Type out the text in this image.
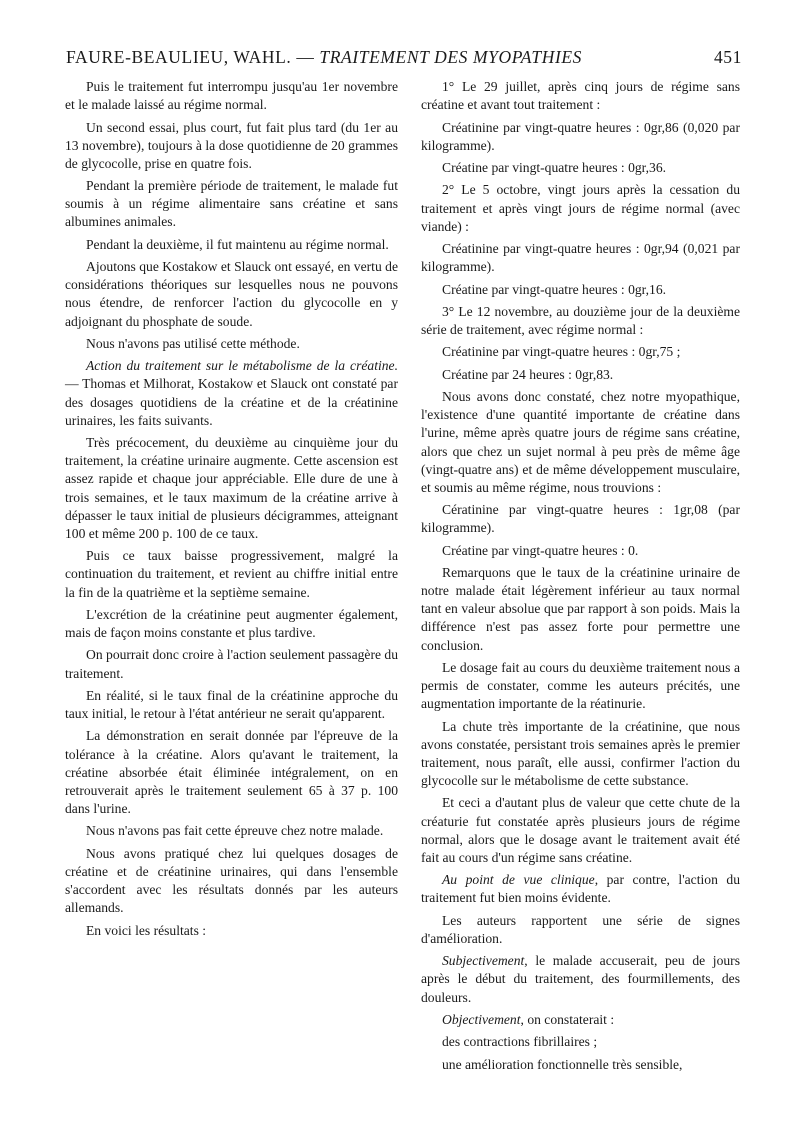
FAURE-BEAULIEU, WAHL. — TRAITEMENT DES MYOPATHIES	451

Puis le traitement fut interrompu jusqu'au 1er novembre et le malade laissé au régime normal.

Un second essai, plus court, fut fait plus tard (du 1er au 13 novembre), toujours à la dose quotidienne de 20 grammes de glycocolle, prise en quatre fois.

Pendant la première période de traitement, le malade fut soumis à un régime alimentaire sans créatine et sans albumines animales.

Pendant la deuxième, il fut maintenu au régime normal.

Ajoutons que Kostakow et Slauck ont essayé, en vertu de considérations théoriques sur lesquelles nous ne pouvons nous étendre, de renforcer l'action du glycocolle en y adjoignant du phosphate de soude.

Nous n'avons pas utilisé cette méthode.

Action du traitement sur le métabolisme de la créatine. — Thomas et Milhorat, Kostakow et Slauck ont constaté par des dosages quotidiens de la créatine et de la créatinine urinaires, les faits suivants.

Très précocement, du deuxième au cinquième jour du traitement, la créatine urinaire augmente. Cette ascension est assez rapide et chaque jour appréciable. Elle dure de une à trois semaines, et le taux maximum de la créatine arrive à dépasser le taux initial de plusieurs décigrammes, atteignant 100 et même 200 p. 100 de ce taux.

Puis ce taux baisse progressivement, malgré la continuation du traitement, et revient au chiffre initial entre la fin de la quatrième et la septième semaine.

L'excrétion de la créatinine peut augmenter également, mais de façon moins constante et plus tardive.

On pourrait donc croire à l'action seulement passagère du traitement.

En réalité, si le taux final de la créatinine approche du taux initial, le retour à l'état antérieur ne serait qu'apparent.

La démonstration en serait donnée par l'épreuve de la tolérance à la créatine. Alors qu'avant le traitement, la créatine absorbée était éliminée intégralement, on en retrouverait après le traitement seulement 65 à 37 p. 100 dans l'urine.

Nous n'avons pas fait cette épreuve chez notre malade.

Nous avons pratiqué chez lui quelques dosages de créatine et de créatinine urinaires, qui dans l'ensemble s'accordent avec les résultats donnés par les auteurs allemands.

En voici les résultats :

1° Le 29 juillet, après cinq jours de régime sans créatine et avant tout traitement :

Créatinine par vingt-quatre heures : 0gr,86 (0,020 par kilogramme).

Créatine par vingt-quatre heures : 0gr,36.

2° Le 5 octobre, vingt jours après la cessation du traitement et après vingt jours de régime normal (avec viande) :

Créatinine par vingt-quatre heures : 0gr,94 (0,021 par kilogramme).

Créatine par vingt-quatre heures : 0gr,16.

3° Le 12 novembre, au douzième jour de la deuxième série de traitement, avec régime normal :

Créatinine par vingt-quatre heures : 0gr,75 ;

Créatine par 24 heures : 0gr,83.

Nous avons donc constaté, chez notre myopathique, l'existence d'une quantité importante de créatine dans l'urine, même après quatre jours de régime sans créatine, alors que chez un sujet normal à peu près de même âge (vingt-quatre ans) et de même développement musculaire, et soumis au même régime, nous trouvions :

Cératinine par vingt-quatre heures : 1gr,08 (par kilogramme).

Créatine par vingt-quatre heures : 0.

Remarquons que le taux de la créatinine urinaire de notre malade était légèrement inférieur au taux normal tant en valeur absolue que par rapport à son poids. Mais la différence n'est pas assez forte pour permettre une conclusion.

Le dosage fait au cours du deuxième traitement nous a permis de constater, comme les auteurs précités, une augmentation importante de la réatinurie.

La chute très importante de la créatinine, que nous avons constatée, persistant trois semaines après le premier traitement, nous paraît, elle aussi, confirmer l'action du glycocolle sur le métabolisme de cette substance.

Et ceci a d'autant plus de valeur que cette chute de la créaturie fut constatée après plusieurs jours de régime normal, alors que le dosage avant le traitement avait été fait au cours d'un régime sans créatine.

Au point de vue clinique, par contre, l'action du traitement fut bien moins évidente.

Les auteurs rapportent une série de signes d'amélioration.

Subjectivement, le malade accuserait, peu de jours après le début du traitement, des fourmillements, des douleurs.

Objectivement, on constaterait :

des contractions fibrillaires ;

une amélioration fonctionnelle très sensible,
